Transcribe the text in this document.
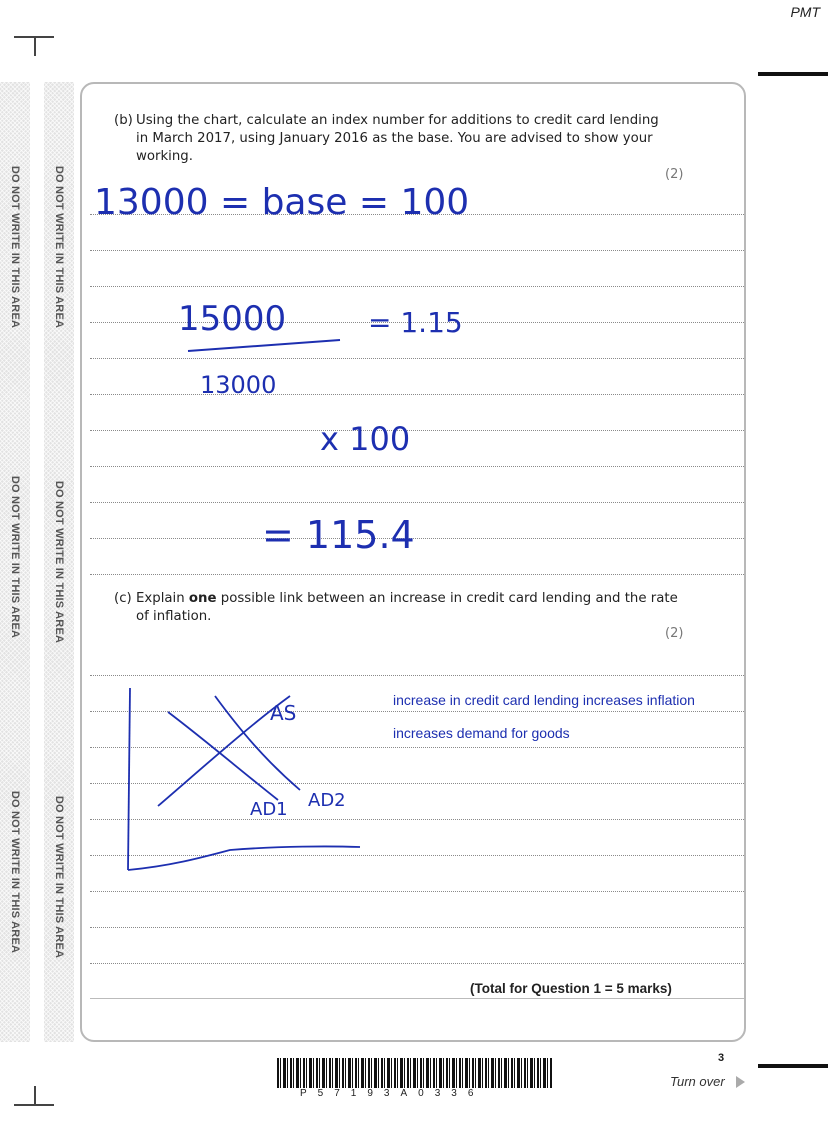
PMT
DO NOT WRITE IN THIS AREA
DO NOT WRITE IN THIS AREA
DO NOT WRITE IN THIS AREA
DO NOT WRITE IN THIS AREA
DO NOT WRITE IN THIS AREA
DO NOT WRITE IN THIS AREA
(b) Using the chart, calculate an index number for additions to credit card lending
in March 2017, using January 2016 as the base. You are advised to show your
working.
(2)
(c) Explain one possible link between an increase in credit card lending and the rate
of inflation.
(2)
increase in credit card lending increases inflation
increases demand for goods
13000 = base = 100
15000
13000
= 1.15
x 100
= 115.4
AS
AD1 AD2
(Total for Question 1 = 5 marks)
P57193A0336
3
Turn over
